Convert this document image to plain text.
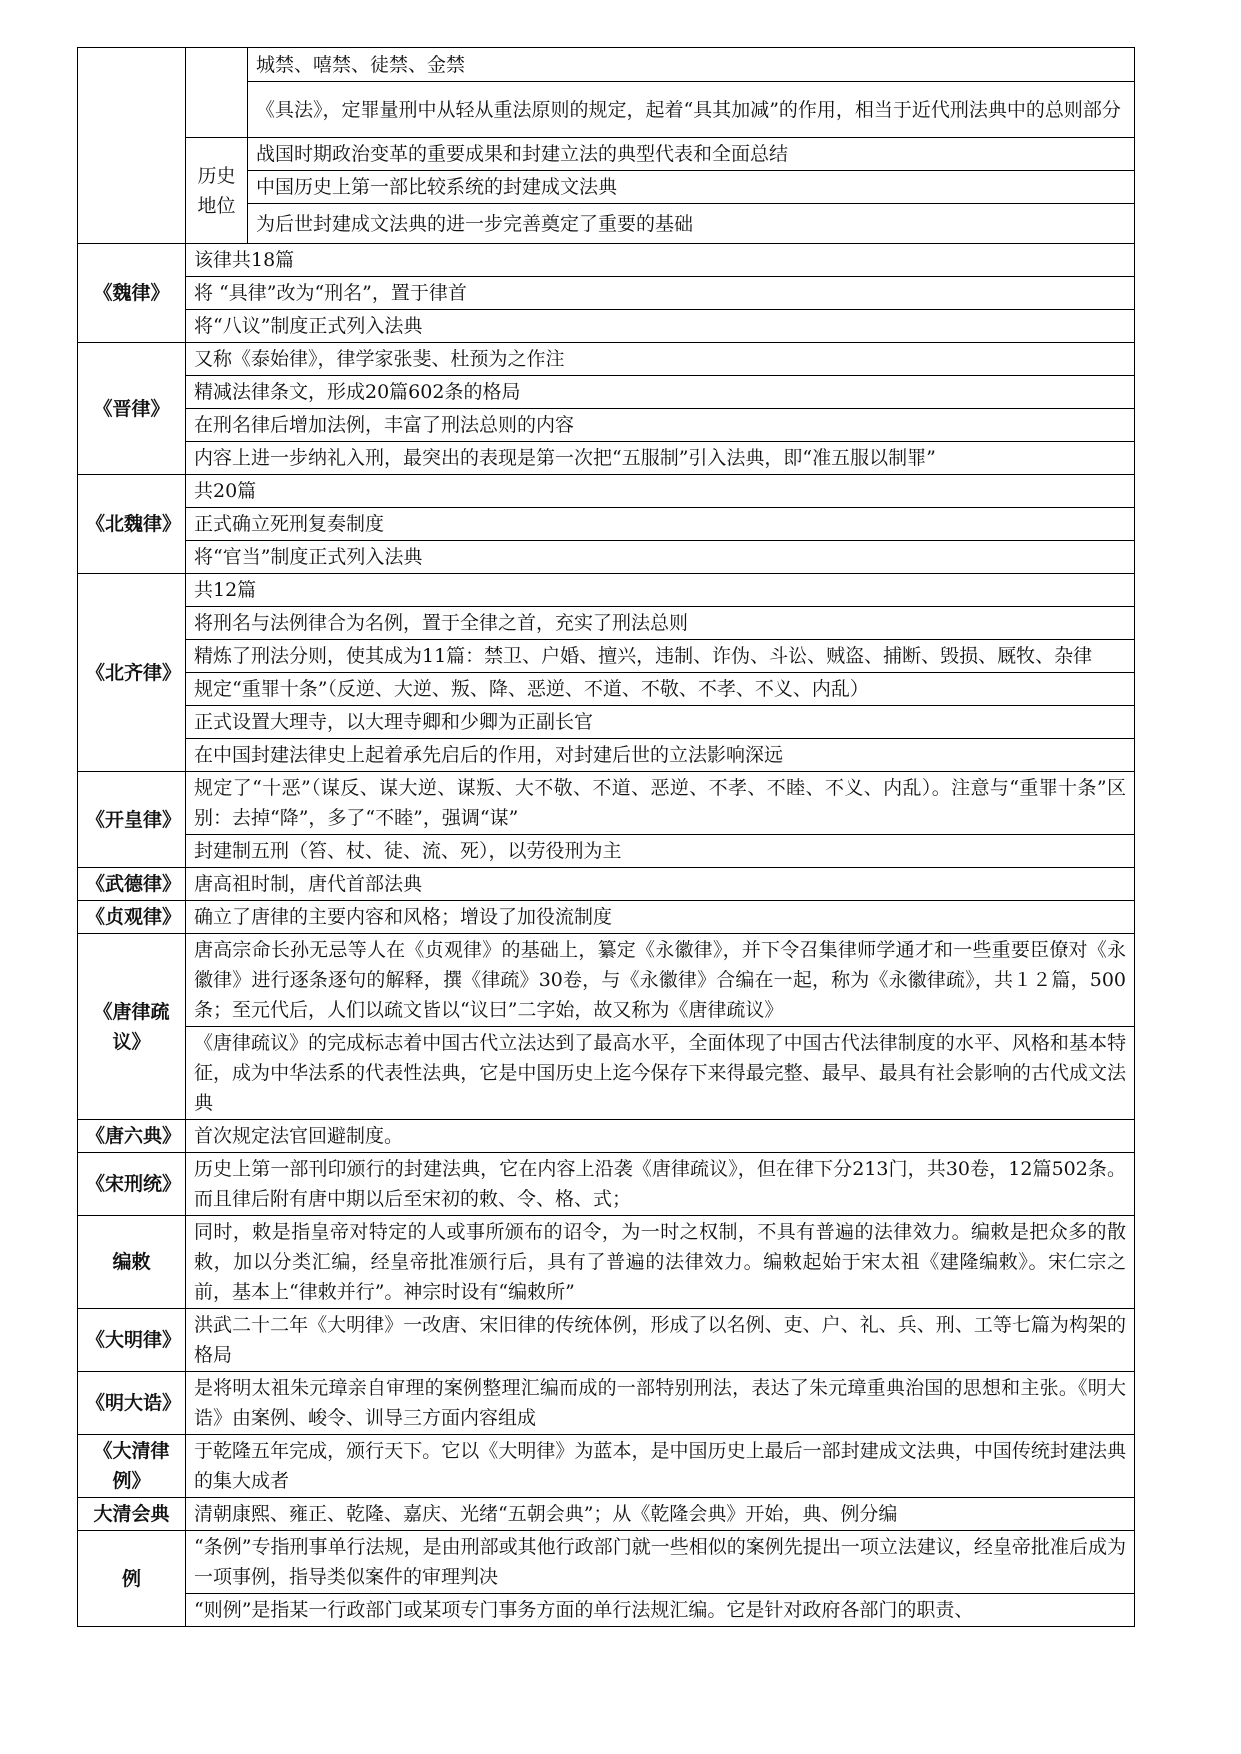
		城禁、嘻禁、徒禁、金禁
		《具法》，定罪量刑中从轻从重法原则的规定，起着“具其加减”的作用，相当于近代刑法典中的总则部分
	历史地位	战国时期政治变革的重要成果和封建立法的典型代表和全面总结
		中国历史上第一部比较系统的封建成文法典
		为后世封建成文法典的进一步完善奠定了重要的基础
《魏律》	该律共18篇	
	将 “具律”改为“刑名”，置于律首	
	将“八议”制度正式列入法典	
《晋律》	又称《泰始律》，律学家张斐、杜预为之作注	
	精减法律条文，形成20篇602条的格局	
	在刑名律后增加法例，丰富了刑法总则的内容	
	内容上进一步纳礼入刑，最突出的表现是第一次把“五服制”引入法典，即“准五服以制罪”	
《北魏律》	共20篇	
	正式确立死刑复奏制度	
	将“官当”制度正式列入法典	
《北齐律》	共12篇	
	将刑名与法例律合为名例，置于全律之首，充实了刑法总则	
	精炼了刑法分则，使其成为11篇：禁卫、户婚、擅兴，违制、诈伪、斗讼、贼盗、捕断、毁损、厩牧、杂律	
	规定“重罪十条”（反逆、大逆、叛、降、恶逆、不道、不敬、不孝、不义、内乱）	
	正式设置大理寺，以大理寺卿和少卿为正副长官	
	在中国封建法律史上起着承先启后的作用，对封建后世的立法影响深远	
《开皇律》	规定了“十恶”（谋反、谋大逆、谋叛、大不敬、不道、恶逆、不孝、不睦、不义、内乱）。注意与“重罪十条”区别：去掉“降”，多了“不睦”，强调“谋”	
	封建制五刑（笞、杖、徒、流、死），以劳役刑为主	
《武德律》	唐高祖时制，唐代首部法典	
《贞观律》	确立了唐律的主要内容和风格；增设了加役流制度	
《唐律疏议》	唐高宗命长孙无忌等人在《贞观律》的基础上，纂定《永徽律》，并下令召集律师学通才和一些重要臣僚对《永徽律》进行逐条逐句的解释，撰《律疏》30卷，与《永徽律》合编在一起，称为《永徽律疏》，共１２篇，500条；至元代后，人们以疏文皆以“议曰”二字始，故又称为《唐律疏议》	
	《唐律疏议》的完成标志着中国古代立法达到了最高水平，全面体现了中国古代法律制度的水平、风格和基本特征，成为中华法系的代表性法典，它是中国历史上迄今保存下来得最完整、最早、最具有社会影响的古代成文法典	
《唐六典》	首次规定法官回避制度。	
《宋刑统》	历史上第一部刊印颁行的封建法典，它在内容上沿袭《唐律疏议》，但在律下分213门，共30卷，12篇502条。而且律后附有唐中期以后至宋初的敕、令、格、式；	
编敕	同时，敕是指皇帝对特定的人或事所颁布的诏令，为一时之权制，不具有普遍的法律效力。编敕是把众多的散敕，加以分类汇编，经皇帝批准颁行后，具有了普遍的法律效力。编敕起始于宋太祖《建隆编敕》。宋仁宗之前，基本上“律敕并行”。神宗时设有“编敕所”	
《大明律》	洪武二十二年《大明律》一改唐、宋旧律的传统体例，形成了以名例、吏、户、礼、兵、刑、工等七篇为构架的格局	
《明大诰》	是将明太祖朱元璋亲自审理的案例整理汇编而成的一部特别刑法，表达了朱元璋重典治国的思想和主张。《明大诰》由案例、峻令、训导三方面内容组成	
《大清律例》	于乾隆五年完成，颁行天下。它以《大明律》为蓝本，是中国历史上最后一部封建成文法典，中国传统封建法典的集大成者	
大清会典	清朝康熙、雍正、乾隆、嘉庆、光绪“五朝会典”；从《乾隆会典》开始，典、例分编	
例	“条例”专指刑事单行法规，是由刑部或其他行政部门就一些相似的案例先提出一项立法建议，经皇帝批准后成为一项事例，指导类似案件的审理判决	
	“则例”是指某一行政部门或某项专门事务方面的单行法规汇编。它是针对政府各部门的职责、	
